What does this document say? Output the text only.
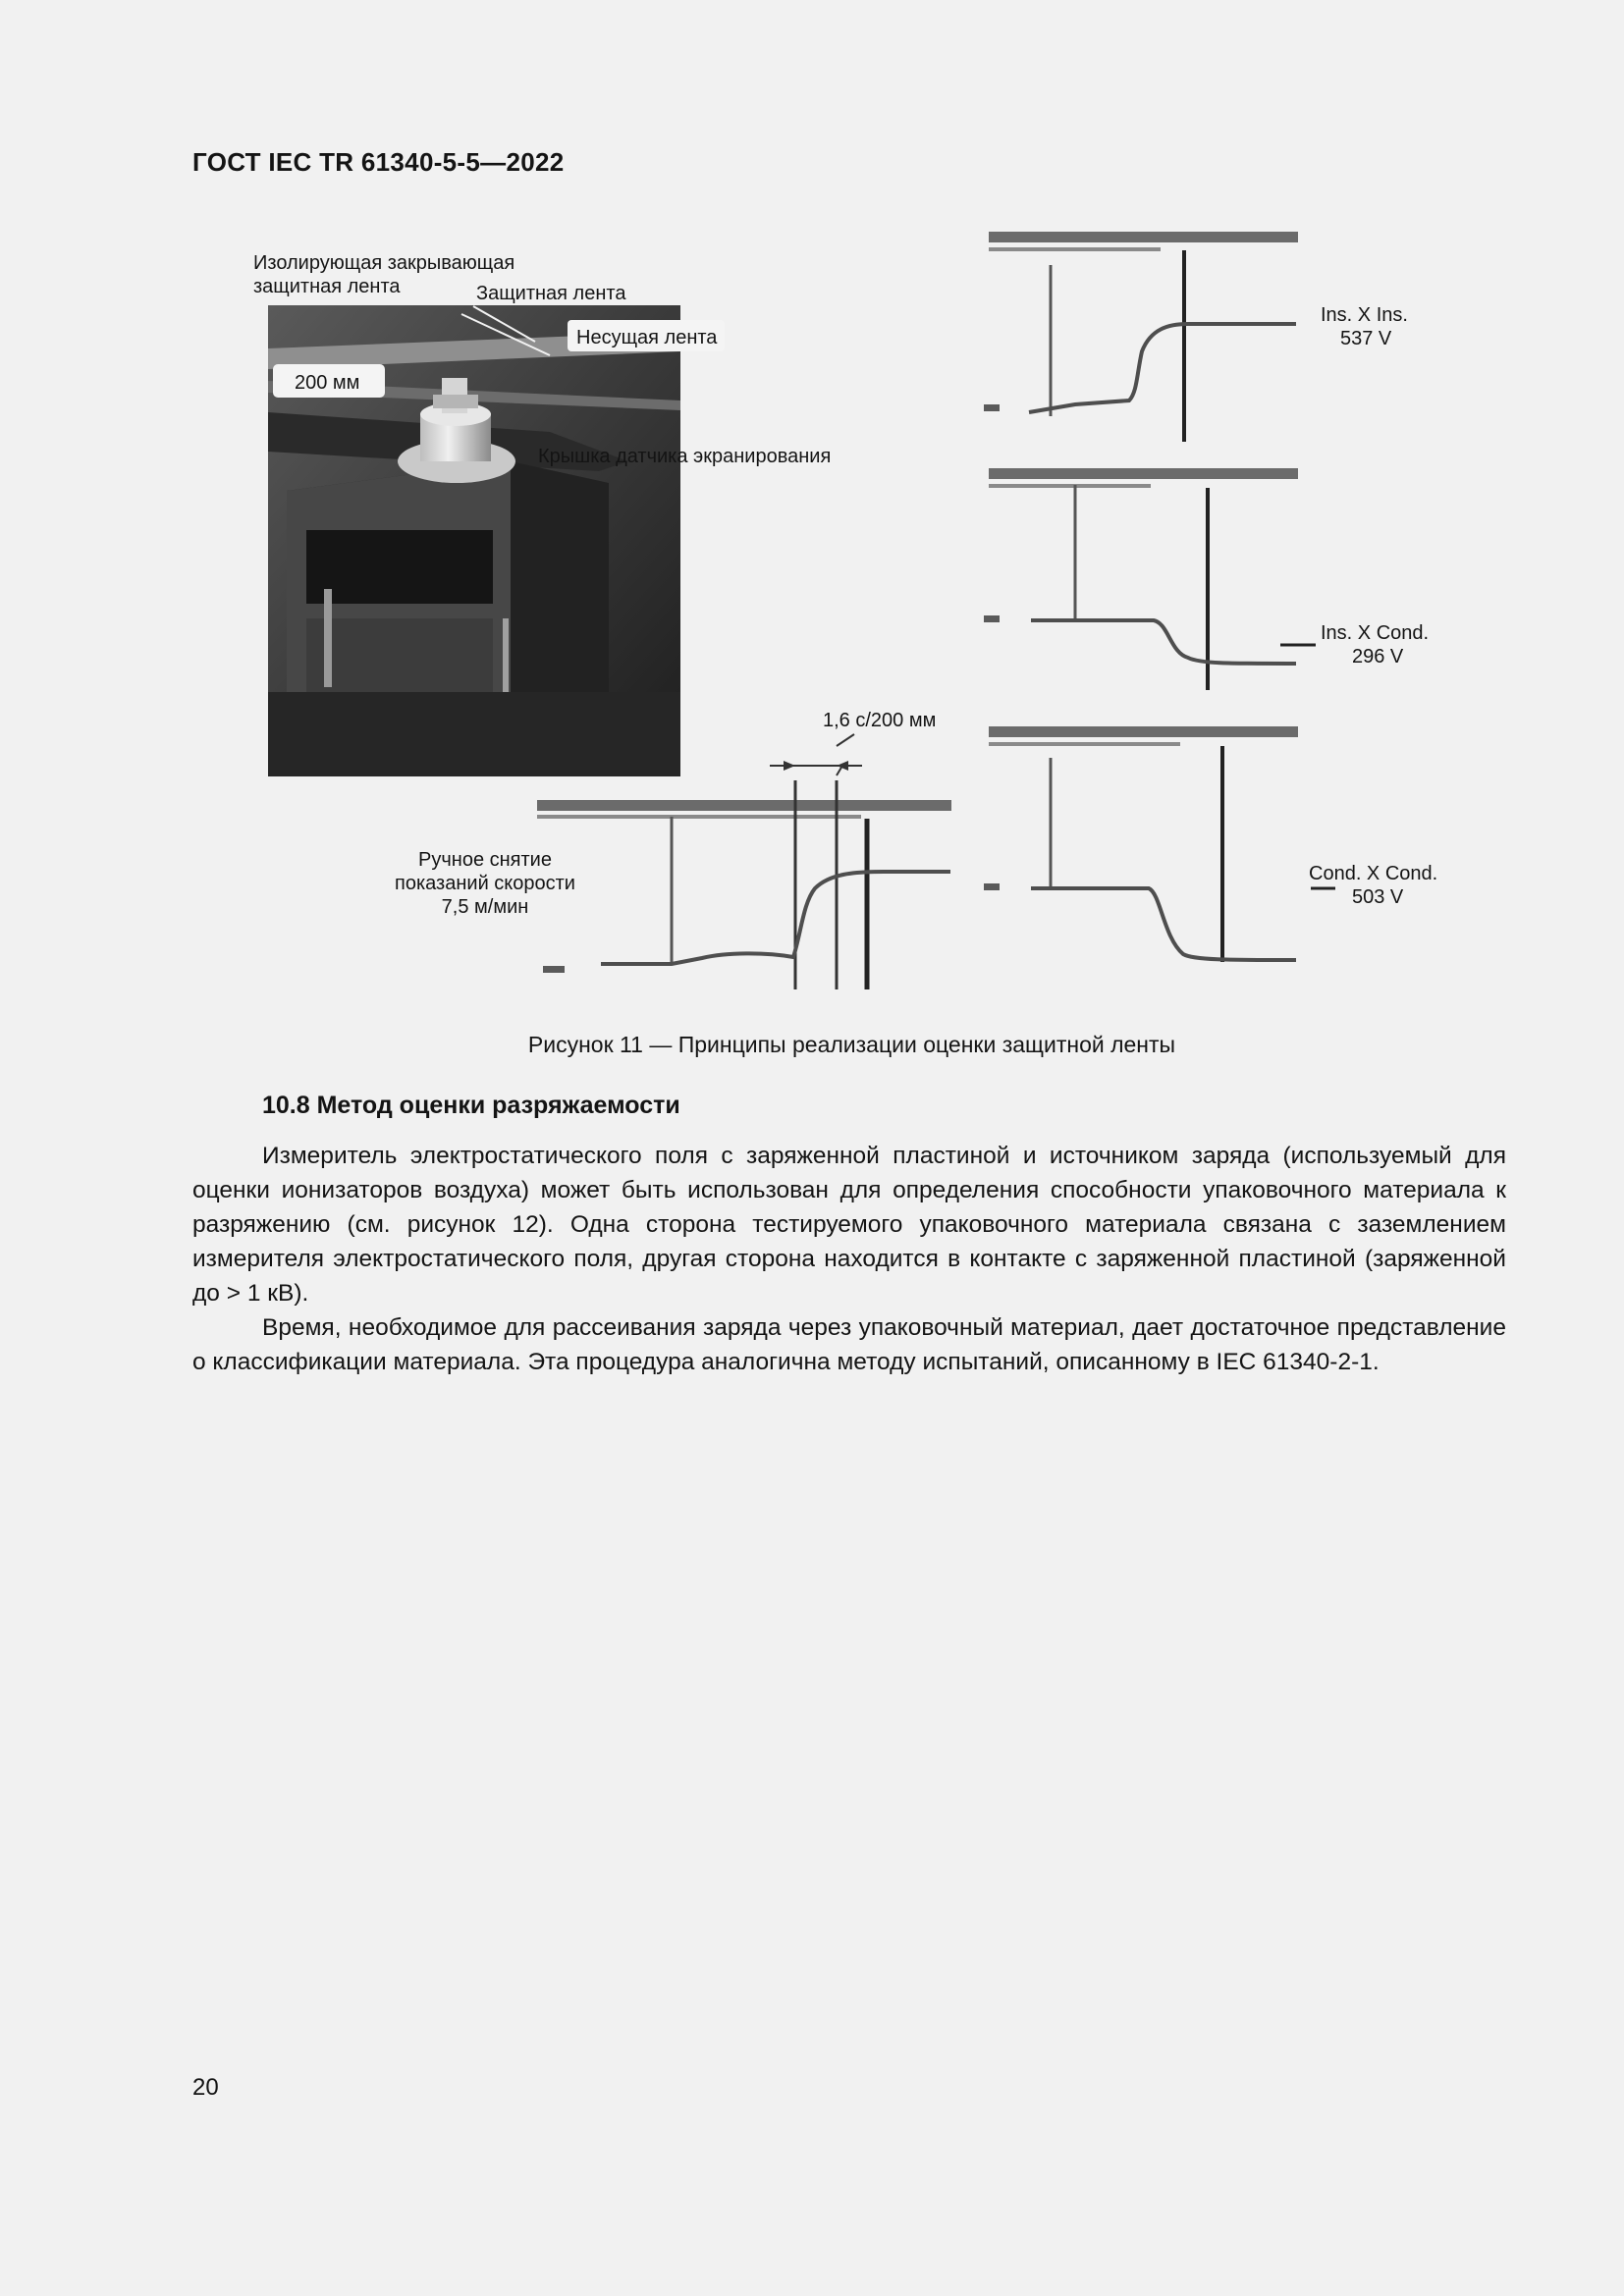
ГОСТ IEC TR 61340-5-5—2022
Изолирующая закрывающая
защитная лента	Защитная лента
Несущая лента
200 мм
Крышка датчика экранирования
Ins. X Ins.
537 V
Ins. X Cond.
296 V
Cond. X Cond.
503 V
1,6 с/200 мм
Ручное снятие
показаний скорости
7,5 м/мин
Рисунок 11 — Принципы реализации оценки защитной ленты
10.8 Метод оценки разряжаемости

Измеритель электростатического поля с заряженной пластиной и источником заряда (используемый для оценки ионизаторов воздуха) может быть использован для определения способности упаковочного материала к разряжению (см. рисунок 12). Одна сторона тестируемого упаковочного материала связана с заземлением измерителя электростатического поля, другая сторона находится в контакте с заряженной пластиной (заряженной до > 1 кВ).

Время, необходимое для рассеивания заряда через упаковочный материал, дает достаточное представление о классификации материала. Эта процедура аналогична методу испытаний, описанному в IEC 61340-2-1.

20
